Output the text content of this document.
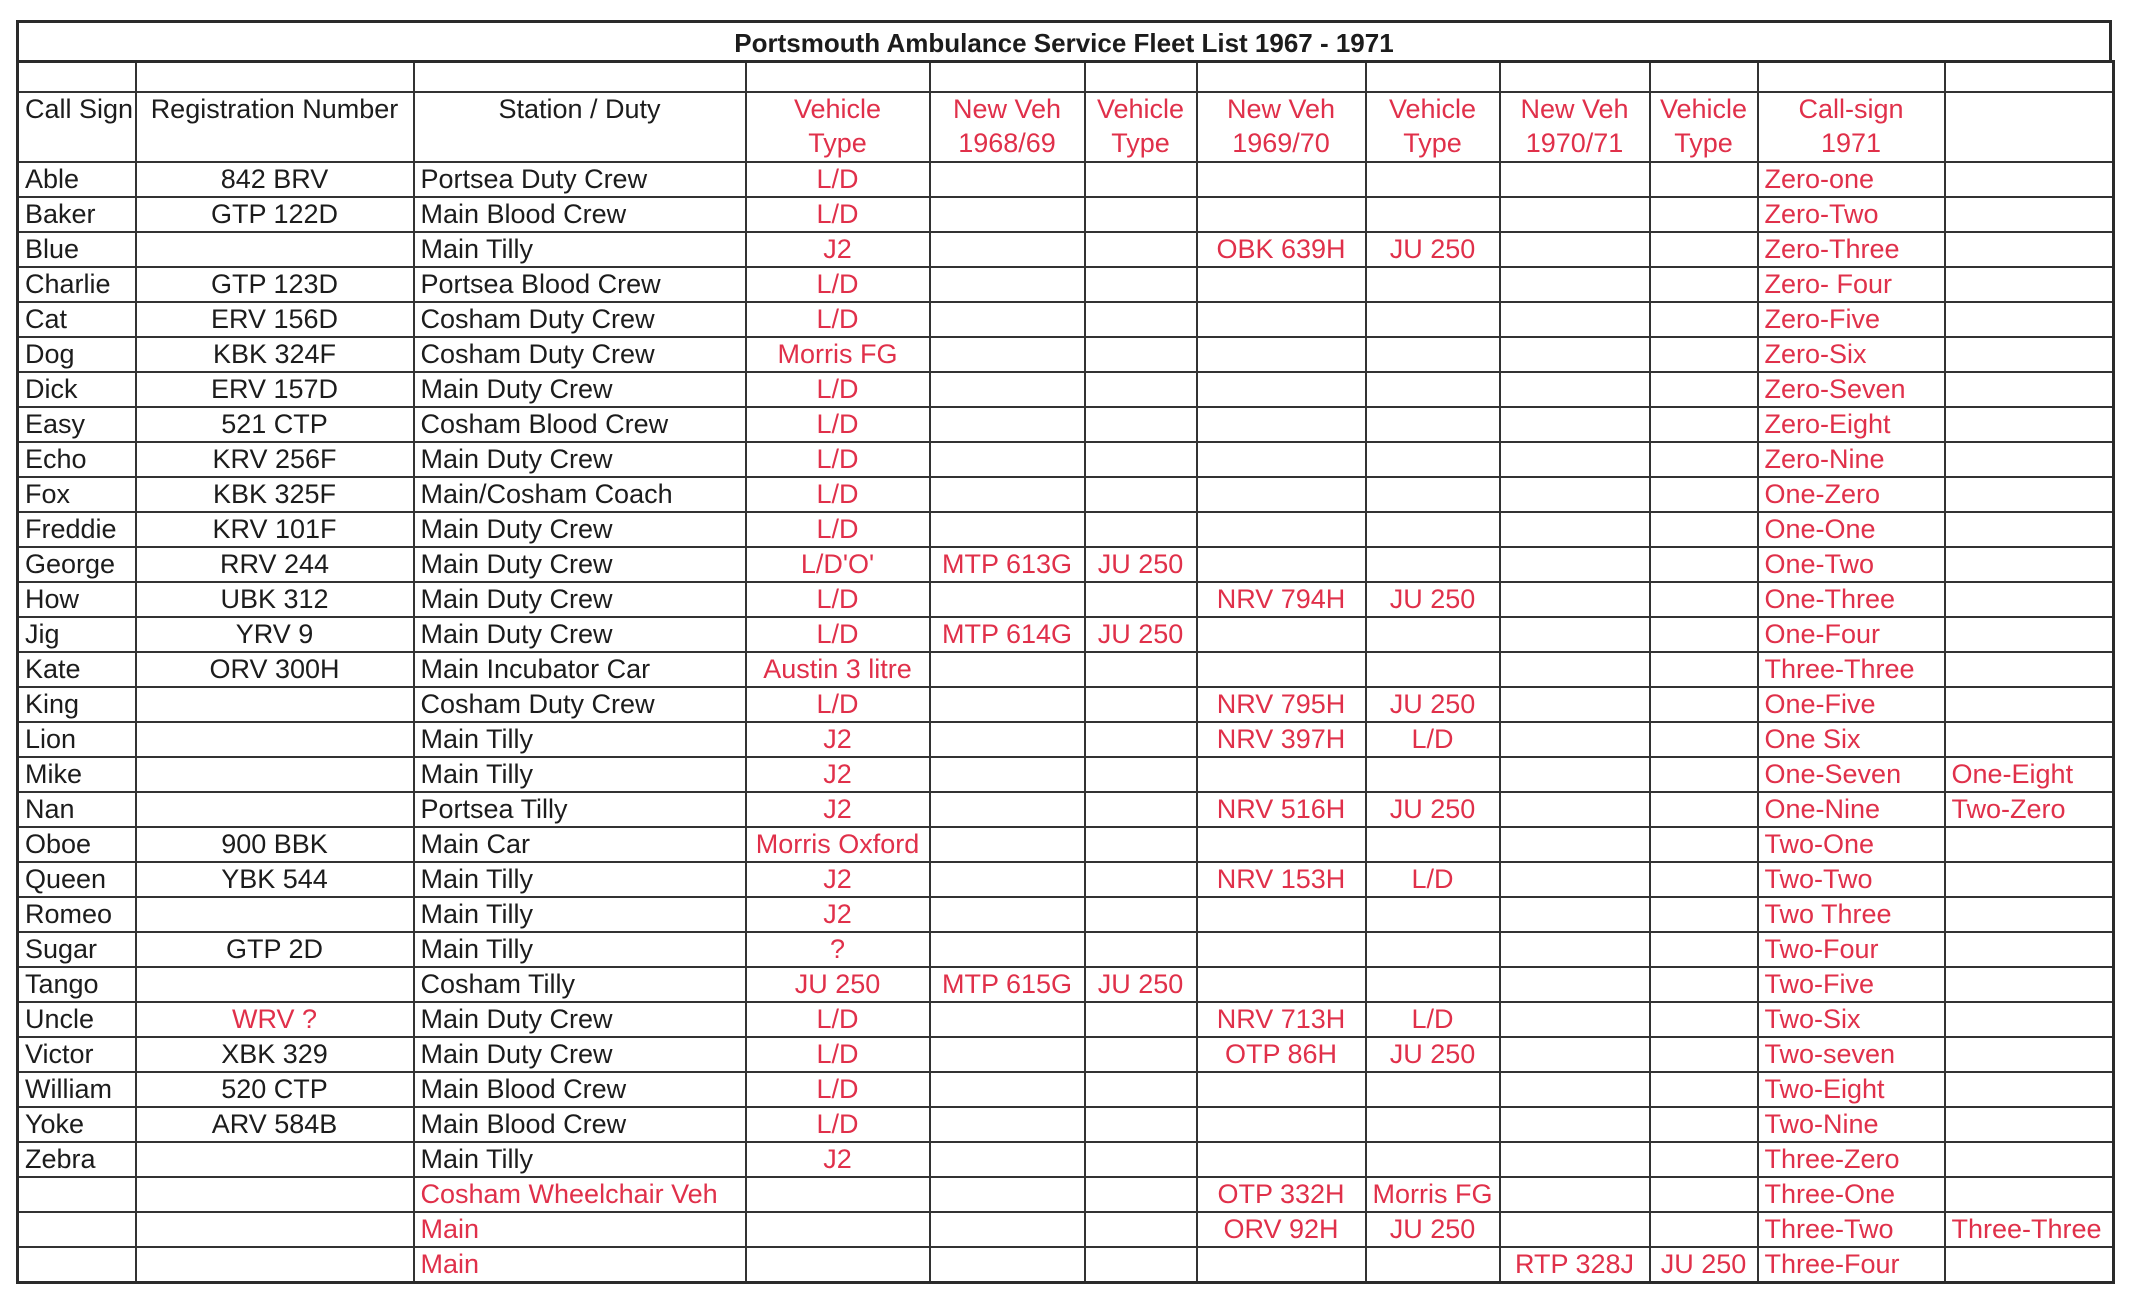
Portsmouth Ambulance Service Fleet List 1967 - 1971

Call Sign	Registration Number	Station / Duty	Vehicle	New Veh	Vehicle	New Veh	Vehicle	New Veh	Vehicle	Call-sign	
			Type	1968/69	Type	1969/70	Type	1970/71	Type	1971	
Able	842 BRV	Portsea Duty Crew	L/D							Zero-one	
Baker	GTP 122D	Main Blood Crew	L/D							Zero-Two	
Blue		Main Tilly	J2			OBK 639H	JU 250			Zero-Three	
Charlie	GTP 123D	Portsea Blood Crew	L/D							Zero- Four	
Cat	ERV 156D	Cosham Duty Crew	L/D							Zero-Five	
Dog	KBK 324F	Cosham Duty Crew	Morris FG							Zero-Six	
Dick	ERV 157D	Main Duty Crew	L/D							Zero-Seven	
Easy	521 CTP	Cosham Blood Crew	L/D							Zero-Eight	
Echo	KRV 256F	Main Duty Crew	L/D							Zero-Nine	
Fox	KBK 325F	Main/Cosham Coach	L/D							One-Zero	
Freddie	KRV 101F	Main Duty Crew	L/D							One-One	
George	RRV 244	Main Duty Crew	L/D'O'	MTP 613G	JU 250					One-Two	
How	UBK 312	Main Duty Crew	L/D			NRV 794H	JU 250			One-Three	
Jig	YRV 9	Main Duty Crew	L/D	MTP 614G	JU 250					One-Four	
Kate	ORV 300H	Main Incubator Car	Austin 3 litre							Three-Three	
King		Cosham Duty Crew	L/D			NRV 795H	JU 250			One-Five	
Lion		Main Tilly	J2			NRV 397H	L/D			One Six	
Mike		Main Tilly	J2							One-Seven	One-Eight
Nan		Portsea Tilly	J2			NRV 516H	JU 250			One-Nine	Two-Zero
Oboe	900 BBK	Main Car	Morris Oxford							Two-One	
Queen	YBK 544	Main Tilly	J2			NRV 153H	L/D			Two-Two	
Romeo		Main Tilly	J2							Two Three	
Sugar	GTP 2D	Main Tilly	?							Two-Four	
Tango		Cosham Tilly	JU 250	MTP 615G	JU 250					Two-Five	
Uncle	WRV ?	Main Duty Crew	L/D			NRV 713H	L/D			Two-Six	
Victor	XBK 329	Main Duty Crew	L/D			OTP 86H	JU 250			Two-seven	
William	520 CTP	Main Blood Crew	L/D							Two-Eight	
Yoke	ARV 584B	Main Blood Crew	L/D							Two-Nine	
Zebra		Main Tilly	J2							Three-Zero	
		Cosham Wheelchair Veh				OTP 332H	Morris FG			Three-One	
		Main				ORV 92H	JU 250			Three-Two	Three-Three
		Main						RTP 328J	JU 250	Three-Four	
